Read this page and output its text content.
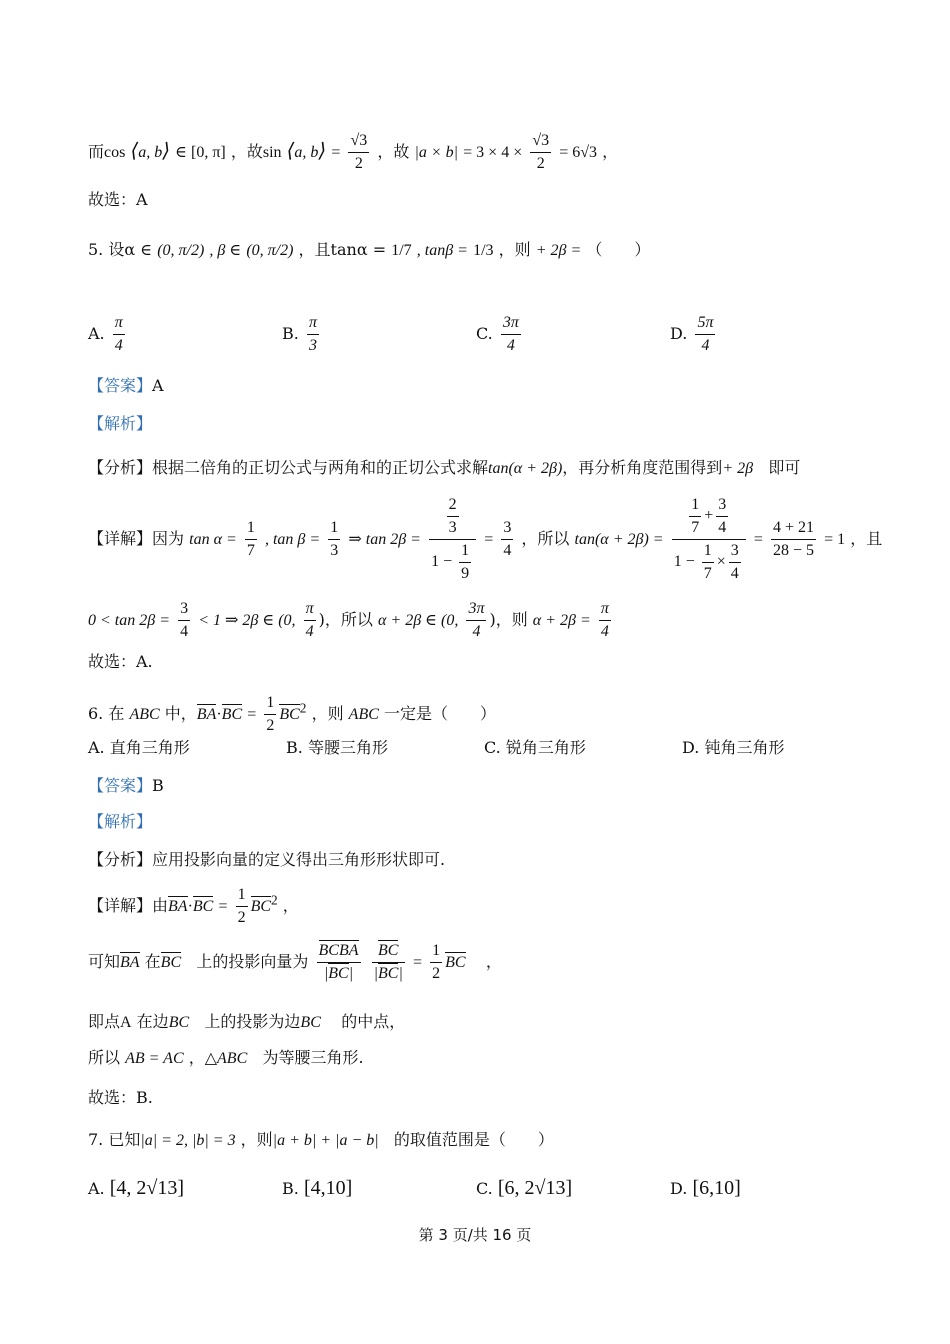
而cos ⟨a, b⟩ ∈ [0, π] ，故sin ⟨a, b⟩ = $\frac{√3}{2}$ ，故 $|a \times b| = 3 \times 4 \times \frac{√3}{2} = 6√3$ ，
故选：A
5. 设α ∈ (0, π/2) , β ∈ (0, π/2) ，且tanα = 1/7 , tanβ = 1/3 ，则 + 2β = （　　）
A. $\frac{\pi}{4}$	B. $\frac{\pi}{3}$	C. $\frac{3\pi}{4}$	D. $\frac{5\pi}{4}$
【答案】A
【解析】
【分析】根据二倍角的正切公式与两角和的正切公式求解tan(α + 2β)，再分析角度范围得到+ 2β 即可
【详解】因为 $\tan \alpha = \frac{1}{7}$ , $\tan \beta = \frac{1}{3}$ ⇒ $\tan 2\beta = \frac{\frac{2}{3}}{1 - \frac{1}{9}} = \frac{3}{4}$ ，所以 $\tan(\alpha + 2\beta) = \frac{\frac{1}{7} + \frac{3}{4}}{1 - \frac{1}{7} \times \frac{3}{4}} = \frac{4 + 21}{28 - 5} = 1$ ，且
$0 < \tan 2\beta = \frac{3}{4} < 1$ ⇒ 2β ∈ (0, $\frac{\pi}{4}$ )，所以 α + 2β ∈ (0, $\frac{3\pi}{4}$ )，则 $\alpha + 2\beta = \frac{\pi}{4}$
故选：A.
6. 在 ABC 中，$BA\cdot BC = \frac{1}{2} BC^2$ ，则 ABC 一定是（　　）
A. 直角三角形	B. 等腰三角形	C. 锐角三角形	D. 钝角三角形
【答案】B
【解析】
【分析】应用投影向量的定义得出三角形形状即可.
【详解】由$BA\cdot BC = \frac{1}{2} BC^2$ ，
可知BA 在BC 上的投影向量为 $\frac{\text{BCBA}}{|BC|}$
$\frac{BC}{|BC|} = \frac{1}{2}$ BC ，
即点A 在边BC 上的投影为边BC 的中点，
所以 AB = AC ，△ABC 为等腰三角形.
故选：B.
7. 已知|a| = 2, |b| = 3 ，则|a + b| + |a − b| 的取值范围是（　　）
A. [4, 2√13]	B. [4,10]	C. [6, 2√13]	D. [6,10]
第 3 页/共 16 页
